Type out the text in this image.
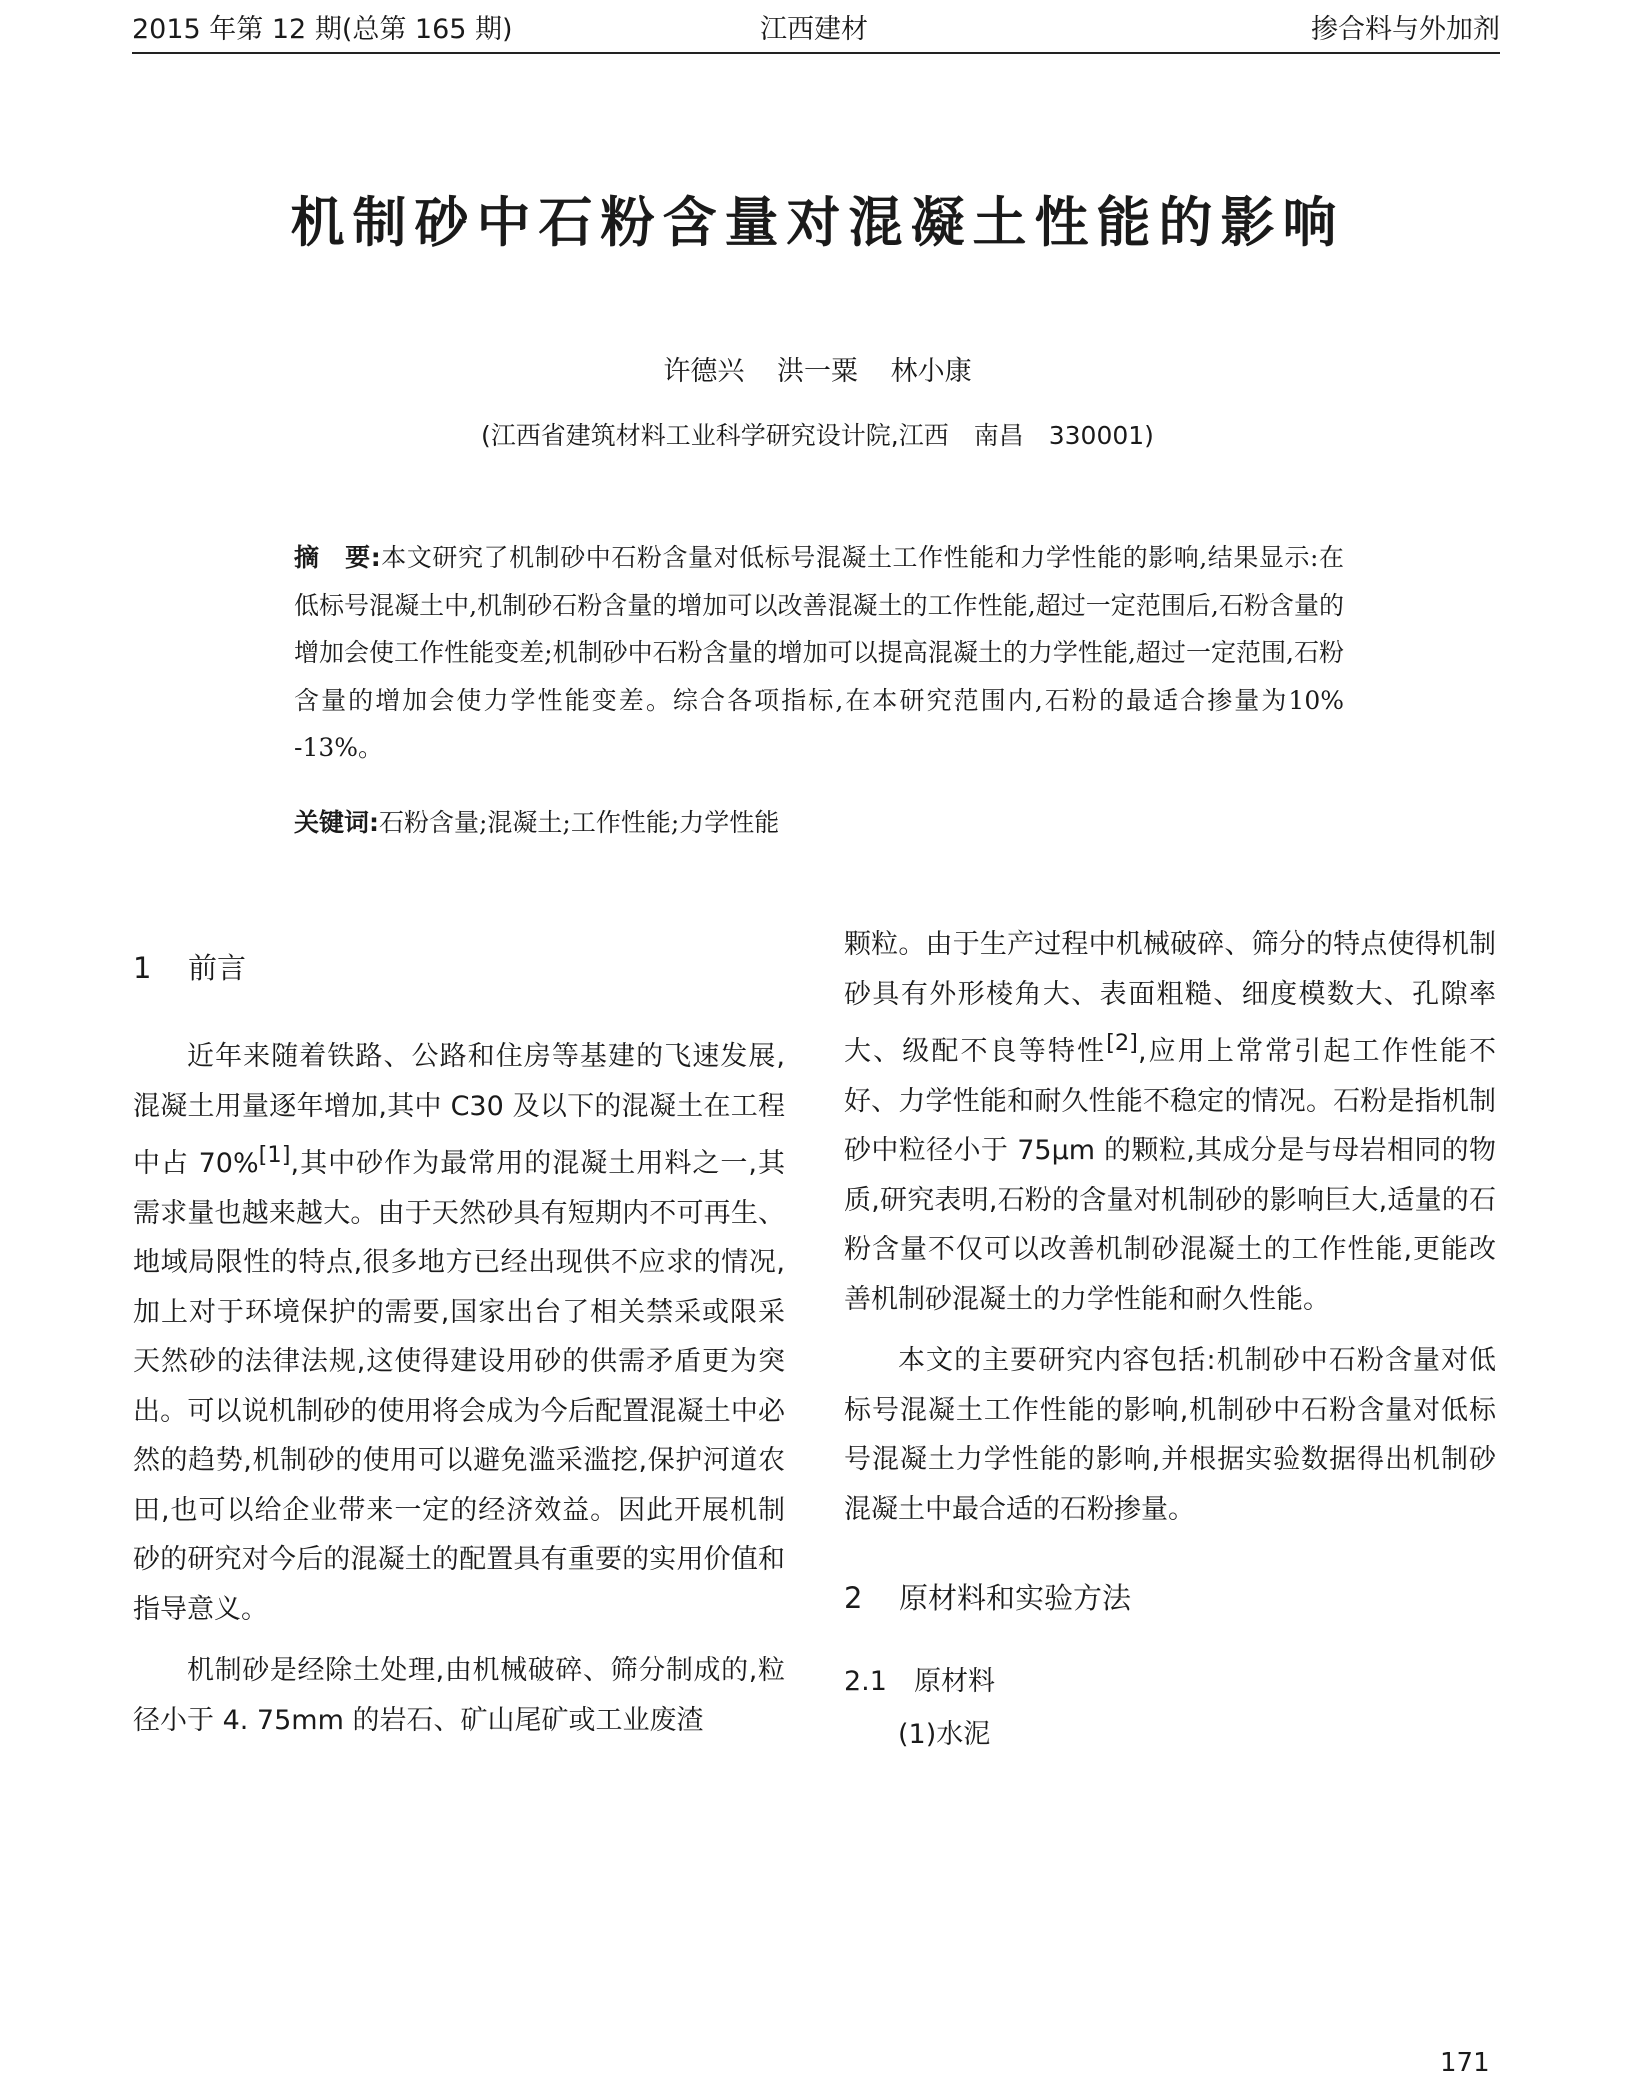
2015 年第 12 期(总第 165 期)	江西建材	掺合料与外加剂
机制砂中石粉含量对混凝土性能的影响
许德兴 洪一粟 林小康
(江西省建筑材料工业科学研究设计院,江西　南昌　330001)
摘　要:本文研究了机制砂中石粉含量对低标号混凝土工作性能和力学性能的影响,结果显示:在低标号混凝土中,机制砂石粉含量的增加可以改善混凝土的工作性能,超过一定范围后,石粉含量的增加会使工作性能变差;机制砂中石粉含量的增加可以提高混凝土的力学性能,超过一定范围,石粉含量的增加会使力学性能变差。综合各项指标,在本研究范围内,石粉的最适合掺量为10% -13%。
关键词:石粉含量;混凝土;工作性能;力学性能

1 前言

近年来随着铁路、公路和住房等基建的飞速发展,混凝土用量逐年增加,其中 C30 及以下的混凝土在工程中占 70%[1],其中砂作为最常用的混凝土用料之一,其需求量也越来越大。由于天然砂具有短期内不可再生、地域局限性的特点,很多地方已经出现供不应求的情况,加上对于环境保护的需要,国家出台了相关禁采或限采天然砂的法律法规,这使得建设用砂的供需矛盾更为突出。可以说机制砂的使用将会成为今后配置混凝土中必然的趋势,机制砂的使用可以避免滥采滥挖,保护河道农田,也可以给企业带来一定的经济效益。因此开展机制砂的研究对今后的混凝土的配置具有重要的实用价值和指导意义。

机制砂是经除土处理,由机械破碎、筛分制成的,粒径小于 4. 75mm 的岩石、矿山尾矿或工业废渣

颗粒。由于生产过程中机械破碎、筛分的特点使得机制砂具有外形棱角大、表面粗糙、细度模数大、孔隙率大、级配不良等特性[2],应用上常常引起工作性能不好、力学性能和耐久性能不稳定的情况。石粉是指机制砂中粒径小于 75μm 的颗粒,其成分是与母岩相同的物质,研究表明,石粉的含量对机制砂的影响巨大,适量的石粉含量不仅可以改善机制砂混凝土的工作性能,更能改善机制砂混凝土的力学性能和耐久性能。

本文的主要研究内容包括:机制砂中石粉含量对低标号混凝土工作性能的影响,机制砂中石粉含量对低标号混凝土力学性能的影响,并根据实验数据得出机制砂混凝土中最合适的石粉掺量。

2 原材料和实验方法

2.1 原材料

(1)水泥

171
